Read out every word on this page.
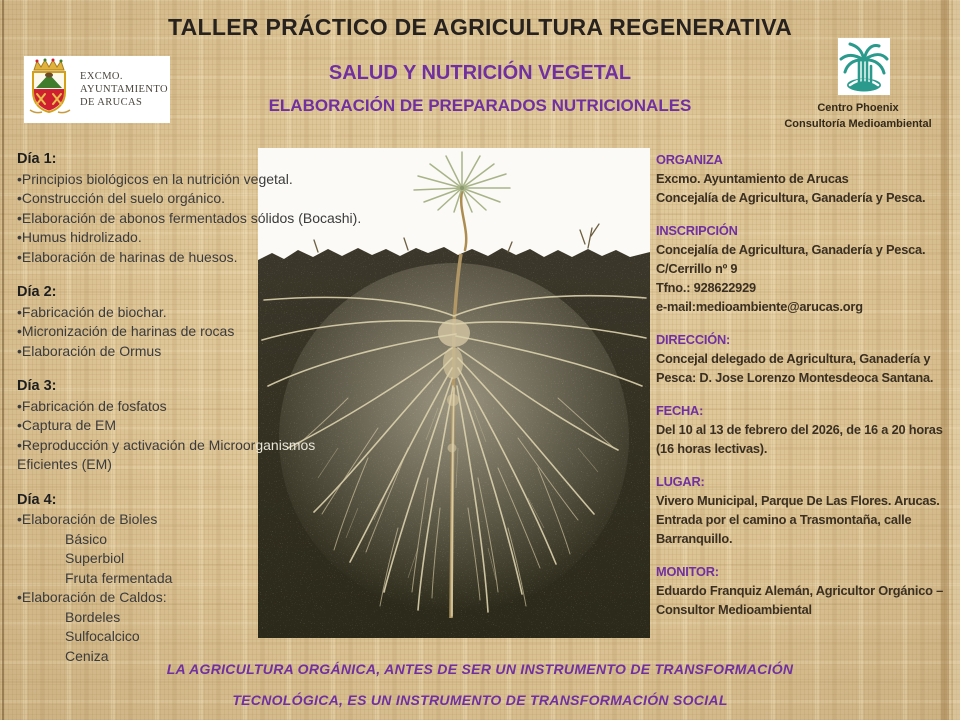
TALLER PRÁCTICO DE AGRICULTURA REGENERATIVA
SALUD Y NUTRICIÓN VEGETAL
ELABORACIÓN DE PREPARADOS NUTRICIONALES
EXCMO.
AYUNTAMIENTO
DE ARUCAS	Centro Phoenix
Consultoría Medioambiental
Día 1:
•Principios biológicos en la nutrición vegetal.
•Construcción del suelo orgánico.
•Elaboración de abonos fermentados sólidos (Bocashi).
•Humus hidrolizado.
•Elaboración de harinas de huesos.
Día 2:
•Fabricación de biochar.
•Micronización de harinas de rocas
•Elaboración de Ormus
Día 3:
•Fabricación de fosfatos
•Captura de EM
•Reproducción y activación de Microorganismos
Eficientes (EM)
Día 4:
•Elaboración de Bioles
Básico
Superbiol
Fruta fermentada
•Elaboración de Caldos:
Bordeles
Sulfocalcico
Ceniza
ORGANIZA
Excmo. Ayuntamiento de Arucas
Concejalía de Agricultura, Ganadería y Pesca.
INSCRIPCIÓN
Concejalía de Agricultura, Ganadería y Pesca.
C/Cerrillo nº 9
Tfno.: 928622929
e-mail:medioambiente@arucas.org
DIRECCIÓN:
Concejal delegado de Agricultura, Ganadería y Pesca: D. Jose Lorenzo Montesdeoca Santana.
FECHA:
Del 10 al 13 de febrero del 2026, de 16 a 20 horas (16 horas lectivas).
LUGAR:
Vivero Municipal, Parque De Las Flores. Arucas. Entrada por el camino a Trasmontaña, calle Barranquillo.
MONITOR:
Eduardo Franquiz Alemán, Agricultor Orgánico – Consultor Medioambiental
LA AGRICULTURA ORGÁNICA, ANTES DE SER UN INSTRUMENTO DE TRANSFORMACIÓN
TECNOLÓGICA, ES UN INSTRUMENTO DE TRANSFORMACIÓN SOCIAL
